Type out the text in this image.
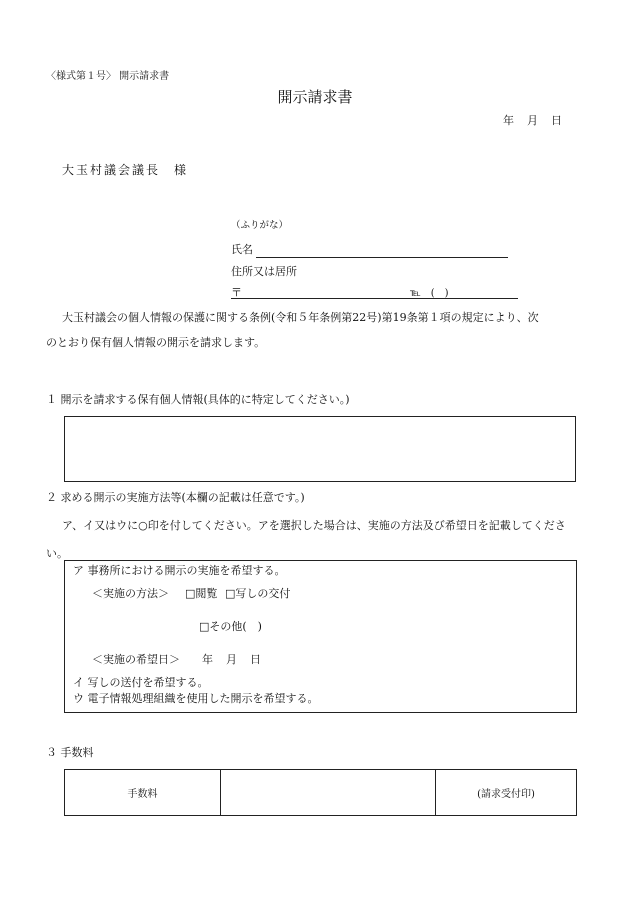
〈様式第１号〉 開示請求書
開示請求書
年　月　日
大玉村議会議長　様
（ふりがな）
氏名
住所又は居所
〒	℡　(　)
大玉村議会の個人情報の保護に関する条例(令和５年条例第22号)第19条第１項の規定により、次
のとおり保有個人情報の開示を請求します。
１ 開示を請求する保有個人情報(具体的に特定してください。)
２ 求める開示の実施方法等(本欄の記載は任意です。)
ア、イ又はウに○印を付してください。アを選択した場合は、実施の方法及び希望日を記載してくださ
い。
ア 事務所における開示の実施を希望する。
＜実施の方法＞ □閲覧 □写しの交付
□その他(　)
＜実施の希望日＞ 年　月　日
イ 写しの送付を希望する。
ウ 電子情報処理組織を使用した開示を希望する。
３ 手数料
手数料		(請求受付印)
